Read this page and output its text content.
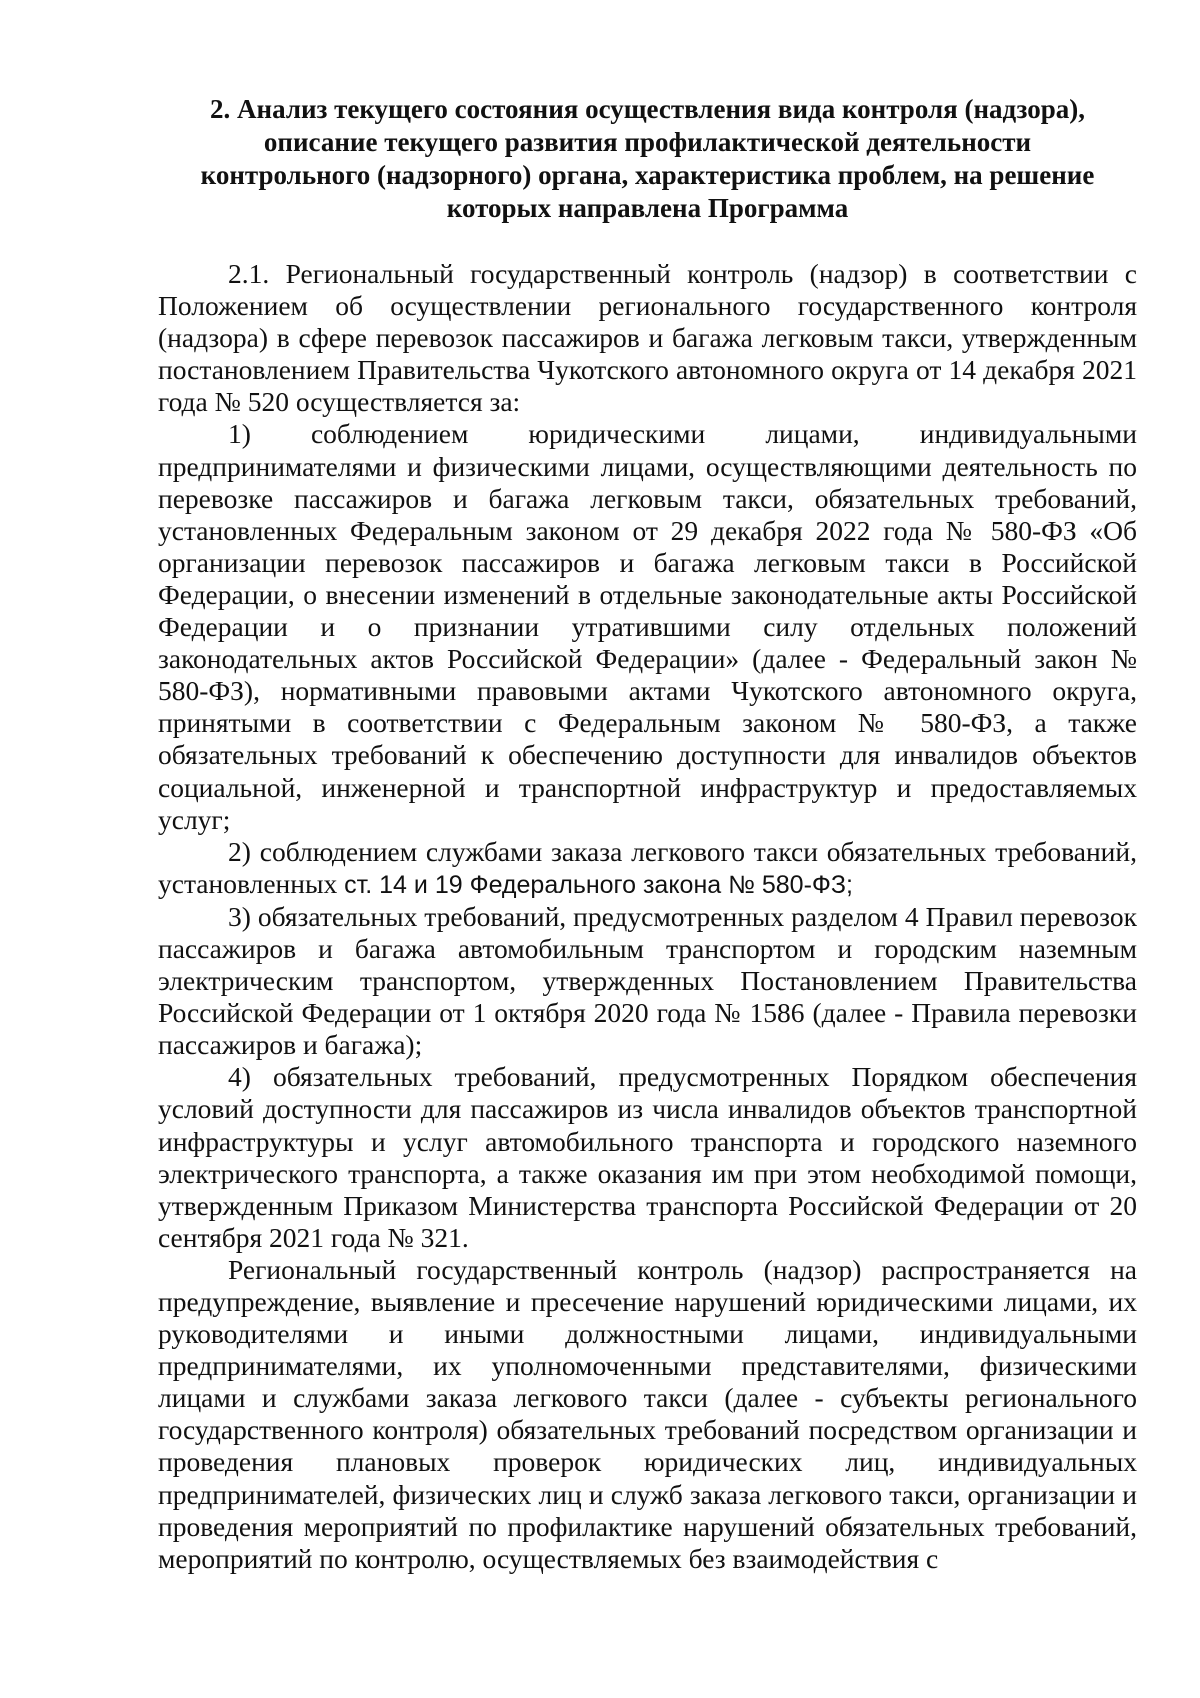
2. Анализ текущего состояния осуществления вида контроля (надзора),
описание текущего развития профилактической деятельности
контрольного (надзорного) органа, характеристика проблем, на решение
которых направлена Программа

2.1. Региональный государственный контроль (надзор) в соответствии с Положением об осуществлении регионального государственного контроля (надзора) в сфере перевозок пассажиров и багажа легковым такси, утвержденным постановлением Правительства Чукотского автономного округа от 14 декабря 2021 года № 520 осуществляется за:

1) соблюдением юридическими лицами, индивидуальными предпринимателями и физическими лицами, осуществляющими деятельность по перевозке пассажиров и багажа легковым такси, обязательных требований, установленных Федеральным законом от 29 декабря 2022 года № 580-ФЗ «Об организации перевозок пассажиров и багажа легковым такси в Российской Федерации, о внесении изменений в отдельные законодательные акты Российской Федерации и о признании утратившими силу отдельных положений законодательных актов Российской Федерации» (далее - Федеральный закон № 580-ФЗ), нормативными правовыми актами Чукотского автономного округа, принятыми в соответствии с Федеральным законом № 580-ФЗ, а также обязательных требований к обеспечению доступности для инвалидов объектов социальной, инженерной и транспортной инфраструктур и предоставляемых услуг;

2) соблюдением службами заказа легкового такси обязательных требований, установленных ст. 14 и 19 Федерального закона № 580-ФЗ;

3) обязательных требований, предусмотренных разделом 4 Правил перевозок пассажиров и багажа автомобильным транспортом и городским наземным электрическим транспортом, утвержденных Постановлением Правительства Российской Федерации от 1 октября 2020 года № 1586 (далее - Правила перевозки пассажиров и багажа);

4) обязательных требований, предусмотренных Порядком обеспечения условий доступности для пассажиров из числа инвалидов объектов транспортной инфраструктуры и услуг автомобильного транспорта и городского наземного электрического транспорта, а также оказания им при этом необходимой помощи, утвержденным Приказом Министерства транспорта Российской Федерации от 20 сентября 2021 года № 321.

Региональный государственный контроль (надзор) распространяется на предупреждение, выявление и пресечение нарушений юридическими лицами, их руководителями и иными должностными лицами, индивидуальными предпринимателями, их уполномоченными представителями, физическими лицами и службами заказа легкового такси (далее - субъекты регионального государственного контроля) обязательных требований посредством организации и проведения плановых проверок юридических лиц, индивидуальных предпринимателей, физических лиц и служб заказа легкового такси, организации и проведения мероприятий по профилактике нарушений обязательных требований, мероприятий по контролю, осуществляемых без взаимодействия с
